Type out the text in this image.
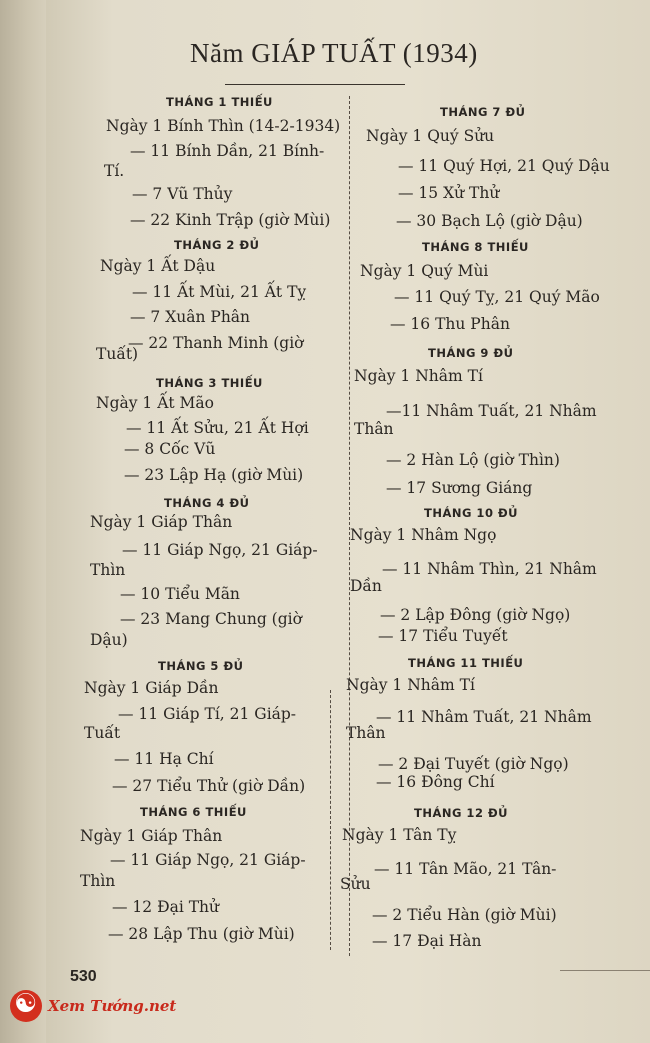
Năm GIÁP TUẤT (1934)
THÁNG 1 THIẾU
Ngày 1 Bính Thìn (14-2-1934)
— 11 Bính Dần, 21 Bính-
Tí.
— 7 Vũ Thủy
— 22 Kinh Trập (giờ Mùi)
THÁNG 2 ĐỦ
Ngày 1 Ất Dậu
— 11 Ất Mùi, 21 Ất Tỵ
— 7 Xuân Phân
— 22 Thanh Minh (giờ
Tuất)
THÁNG 3 THIẾU
Ngày 1 Ất Mão
— 11 Ất Sửu, 21 Ất Hợi
— 8 Cốc Vũ
— 23 Lập Hạ (giờ Mùi)
THÁNG 4 ĐỦ
Ngày 1 Giáp Thân
— 11 Giáp Ngọ, 21 Giáp-
Thìn
— 10 Tiểu Mãn
— 23 Mang Chung (giờ
Dậu)
THÁNG 5 ĐỦ
Ngày 1 Giáp Dần
— 11 Giáp Tí, 21 Giáp-
Tuất
— 11 Hạ Chí
— 27 Tiểu Thử (giờ Dần)
THÁNG 6 THIẾU
Ngày 1 Giáp Thân
— 11 Giáp Ngọ, 21 Giáp-
Thìn
— 12 Đại Thử
— 28 Lập Thu (giờ Mùi)
THÁNG 7 ĐỦ
Ngày 1 Quý Sửu
— 11 Quý Hợi, 21 Quý Dậu
— 15 Xử Thử
— 30 Bạch Lộ (giờ Dậu)
THÁNG 8 THIẾU
Ngày 1 Quý Mùi
— 11 Quý Tỵ, 21 Quý Mão
— 16 Thu Phân
THÁNG 9 ĐỦ
Ngày 1 Nhâm Tí
—11 Nhâm Tuất, 21 Nhâm
Thân
— 2 Hàn Lộ (giờ Thìn)
— 17 Sương Giáng
THÁNG 10 ĐỦ
Ngày 1 Nhâm Ngọ
— 11 Nhâm Thìn, 21 Nhâm
Dần
— 2 Lập Đông (giờ Ngọ)
— 17 Tiểu Tuyết
THÁNG 11 THIẾU
Ngày 1 Nhâm Tí
— 11 Nhâm Tuất, 21 Nhâm
Thân
— 2 Đại Tuyết (giờ Ngọ)
— 16 Đông Chí
THÁNG 12 ĐỦ
Ngày 1 Tân Tỵ
— 11 Tân Mão, 21 Tân-
Sửu
— 2 Tiểu Hàn (giờ Mùi)
— 17 Đại Hàn
530
☯
Xem Tướng.net
